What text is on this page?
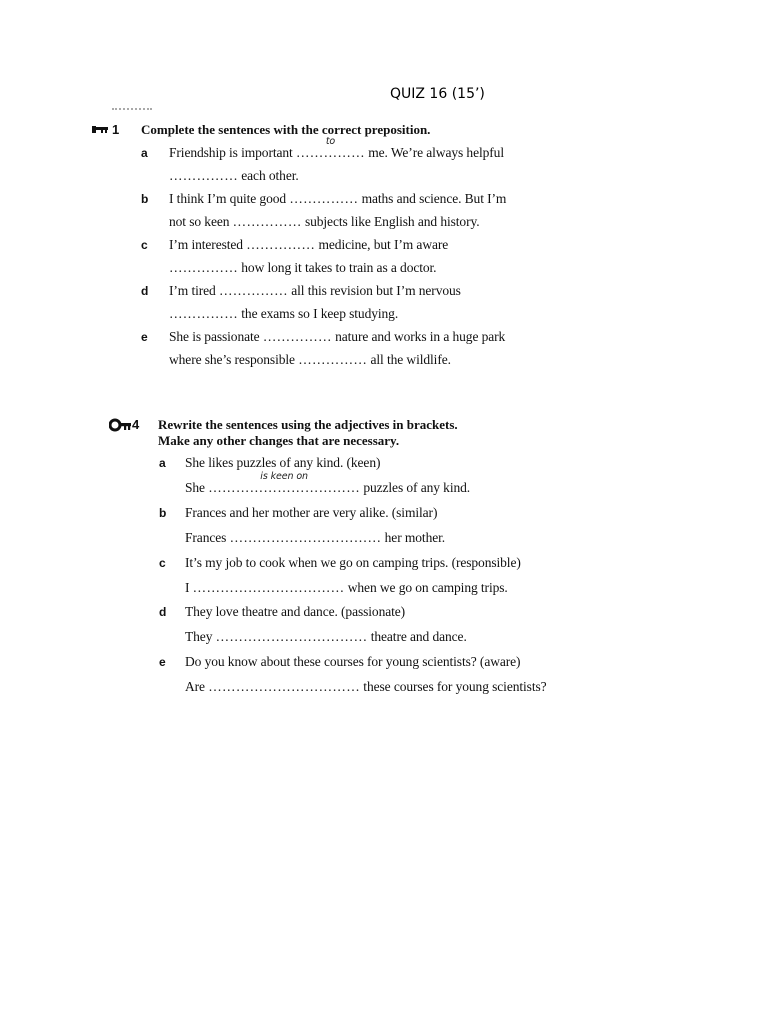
QUIZ 16 (15’)
1 Complete the sentences with the correct preposition.
a Friendship is important ……………
to
me. We’re always helpful
……………
each other.
b I think I’m quite good ……………
maths and science. But I’m
not so keen ……………
subjects like English and history.
c I’m interested ……………
medicine, but I’m aware
……………
how long it takes to train as a doctor.
d I’m tired ……………
all this revision but I’m nervous
……………
the exams so I keep studying.
e She is passionate ……………
nature and works in a huge park
where she’s responsible ……………
all the wildlife.
4 Rewrite the sentences using the adjectives in brackets.
Make any other changes that are necessary.
a She likes puzzles of any kind. (keen)
She ……………………………
is keen on
puzzles of any kind.
b Frances and her mother are very alike. (similar)
Frances ……………………………
her mother.
c It’s my job to cook when we go on camping trips. (responsible)
I ……………………………
when we go on camping trips.
d They love theatre and dance. (passionate)
They ……………………………
theatre and dance.
e Do you know about these courses for young scientists? (aware)
Are ……………………………
these courses for young scientists?
